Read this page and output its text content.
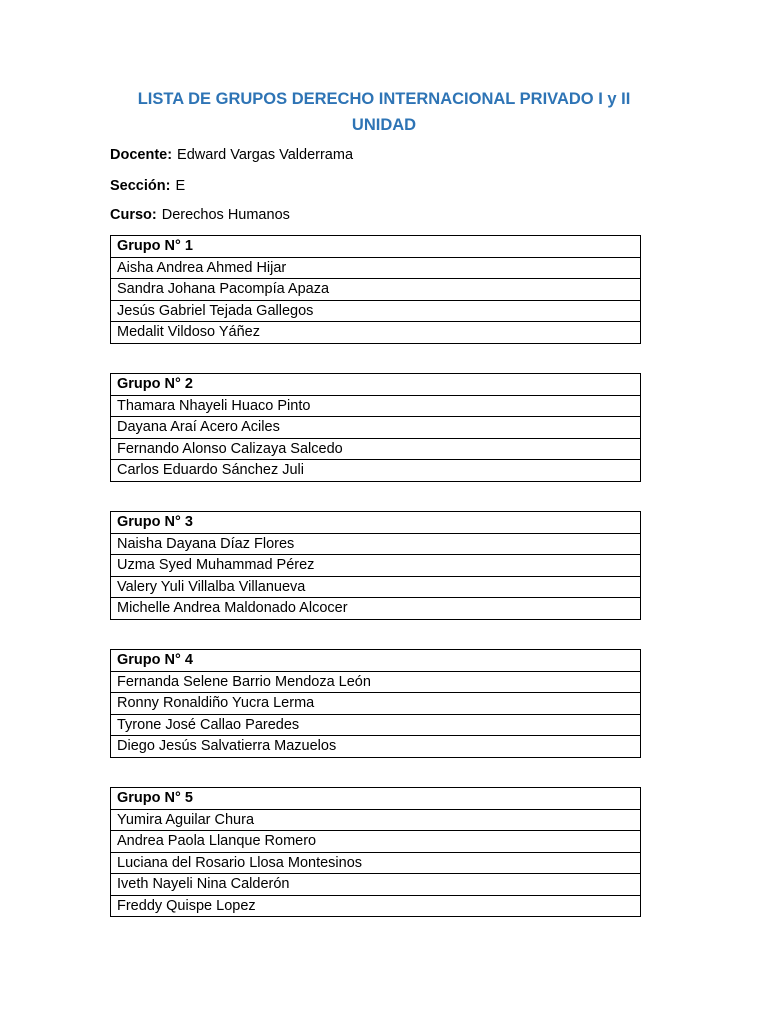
LISTA DE GRUPOS DERECHO INTERNACIONAL PRIVADO I y II
UNIDAD
Docente: Edward Vargas Valderrama
Sección: E
Curso: Derechos Humanos
Grupo N° 1
Aisha Andrea Ahmed Hijar
Sandra Johana Pacompía Apaza
Jesús Gabriel Tejada Gallegos
Medalit Vildoso Yáñez
Grupo N° 2
Thamara Nhayeli Huaco Pinto
Dayana Araí Acero Aciles
Fernando Alonso Calizaya Salcedo
Carlos Eduardo Sánchez Juli
Grupo N° 3
Naisha Dayana Díaz Flores
Uzma Syed Muhammad Pérez
Valery Yuli Villalba Villanueva
Michelle Andrea Maldonado Alcocer
Grupo N° 4
Fernanda Selene Barrio Mendoza León
Ronny Ronaldiño Yucra Lerma
Tyrone José Callao Paredes
Diego Jesús Salvatierra Mazuelos
Grupo N° 5
Yumira Aguilar Chura
Andrea Paola Llanque Romero
Luciana del Rosario Llosa Montesinos
Iveth Nayeli Nina Calderón
Freddy Quispe Lopez
